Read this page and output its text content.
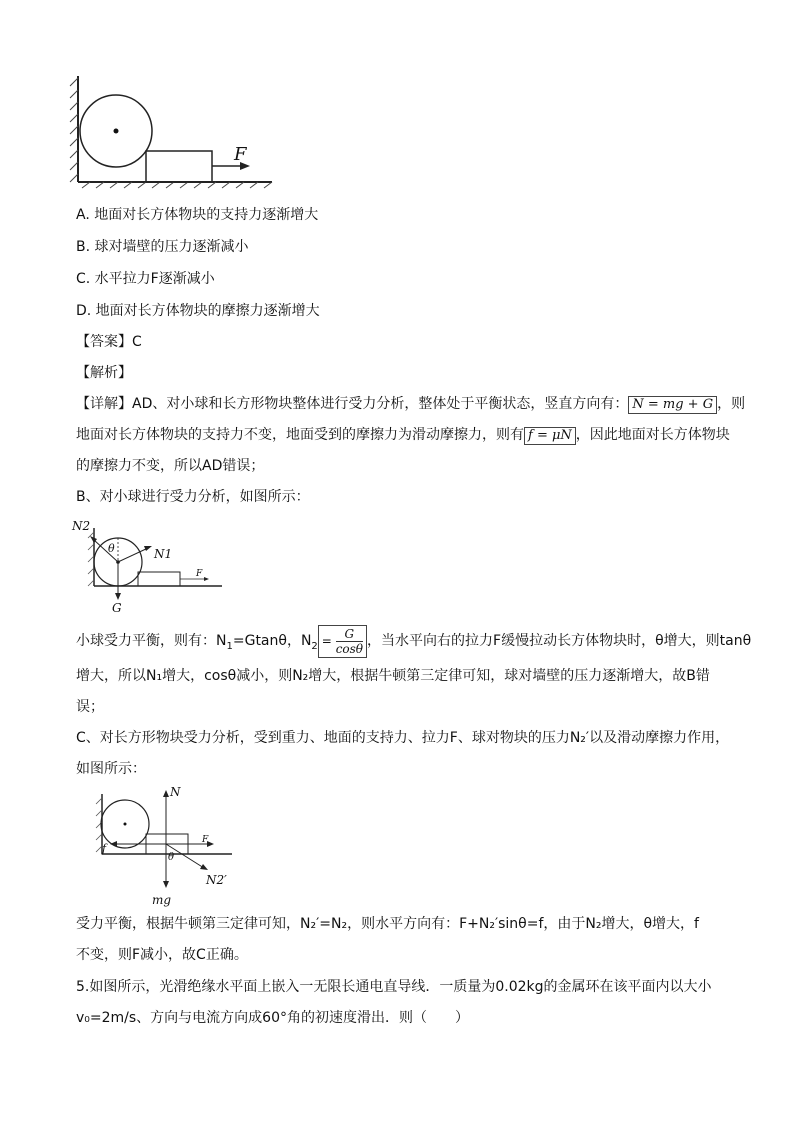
F
A. 地面对长方体物块的支持力逐渐增大
B. 球对墙壁的压力逐渐减小
C. 水平拉力F逐渐减小
D. 地面对长方体物块的摩擦力逐渐增大
【答案】C
【解析】
【详解】AD、对小球和长方形物块整体进行受力分析，整体处于平衡状态，竖直方向有： N = mg + G ，则
地面对长方体物块的支持力不变，地面受到的摩擦力为滑动摩擦力，则有 f = μN ，因此地面对长方体物块
的摩擦力不变，所以AD错误；
B、对小球进行受力分析，如图所示：
N2
θ	N1
F
G
小球受力平衡，则有：$N_1=Gtan\theta$，$N_2 = \frac{G}{\cos\theta}$ ，当水平向右的拉力F缓慢拉动长方体物块时，θ增大，则tanθ
增大，所以N₁增大，cosθ减小，则N₂增大，根据牛顿第三定律可知，球对墙壁的压力逐渐增大，故B错
误；
C、对长方形物块受力分析，受到重力、地面的支持力、拉力F、球对物块的压力N₂′以及滑动摩擦力作用，
如图所示：
N
f
F
θ
N2′
mg
受力平衡，根据牛顿第三定律可知，N₂′=N₂，则水平方向有：F+N₂′sinθ=f，由于N₂增大，θ增大，f
不变，则F减小，故C正确。
5.如图所示，光滑绝缘水平面上嵌入一无限长通电直导线．一质量为0.02kg的金属环在该平面内以大小
v₀=2m/s、方向与电流方向成60°角的初速度滑出．则（　　）
